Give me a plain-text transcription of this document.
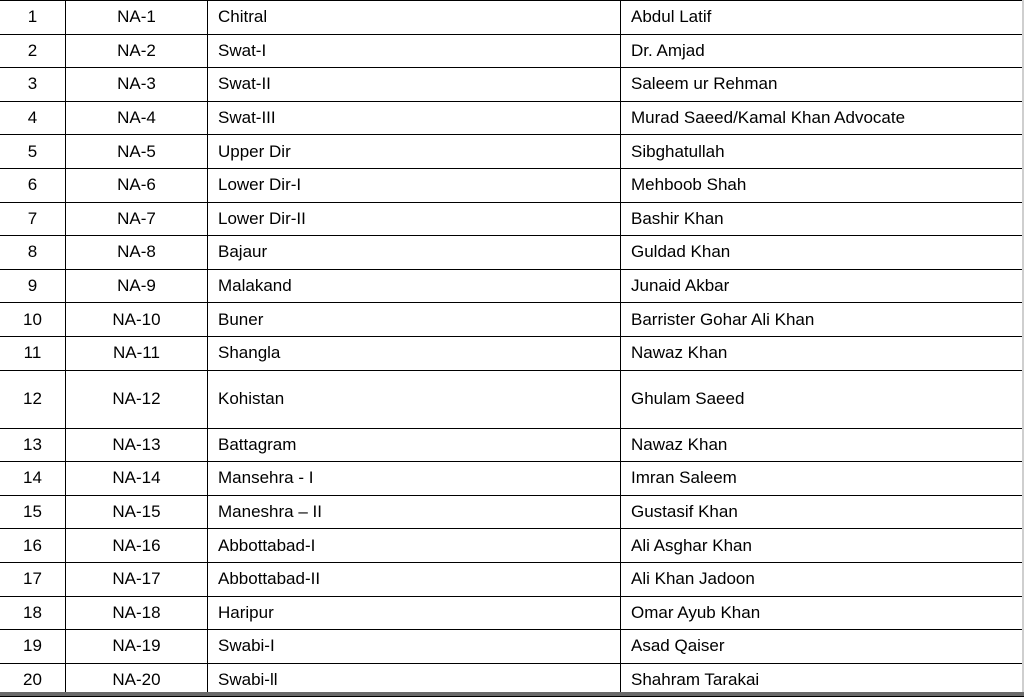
1	NA-1	Chitral	Abdul Latif
2	NA-2	Swat-I	Dr. Amjad
3	NA-3	Swat-II	Saleem ur Rehman
4	NA-4	Swat-III	Murad Saeed/Kamal Khan Advocate
5	NA-5	Upper Dir	Sibghatullah
6	NA-6	Lower Dir-I	Mehboob Shah
7	NA-7	Lower Dir-II	Bashir Khan
8	NA-8	Bajaur	Guldad Khan
9	NA-9	Malakand	Junaid Akbar
10	NA-10	Buner	Barrister Gohar Ali Khan
11	NA-11	Shangla	Nawaz Khan
12	NA-12	Kohistan	Ghulam Saeed
13	NA-13	Battagram	Nawaz Khan
14	NA-14	Mansehra - I	Imran Saleem
15	NA-15	Maneshra – II	Gustasif Khan
16	NA-16	Abbottabad-I	Ali Asghar Khan
17	NA-17	Abbottabad-II	Ali Khan Jadoon
18	NA-18	Haripur	Omar Ayub Khan
19	NA-19	Swabi-I	Asad Qaiser
20	NA-20	Swabi-ll	Shahram Tarakai
